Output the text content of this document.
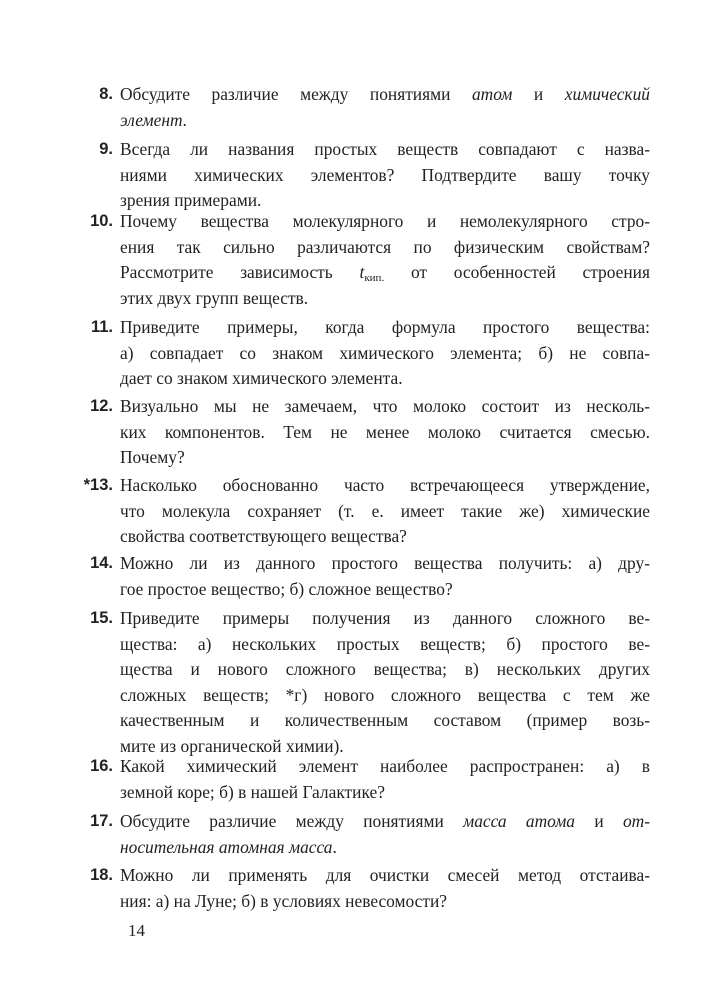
8. Обсудите различие между понятиями атом и химический
элемент.
9. Всегда ли названия простых веществ совпадают с назва-
ниями химических элементов? Подтвердите вашу точку
зрения примерами.
10. Почему вещества молекулярного и немолекулярного стро-
ения так сильно различаются по физическим свойствам?
Рассмотрите зависимость $t_{кип.}$ от особенностей строения
этих двух групп веществ.
11. Приведите примеры, когда формула простого вещества:
а) совпадает со знаком химического элемента; б) не совпа-
дает со знаком химического элемента.
12. Визуально мы не замечаем, что молоко состоит из несколь-
ких компонентов. Тем не менее молоко считается смесью.
Почему?
*13. Насколько обоснованно часто встречающееся утверждение,
что молекула сохраняет (т. е. имеет такие же) химические
свойства соответствующего вещества?
14. Можно ли из данного простого вещества получить: а) дру-
гое простое вещество; б) сложное вещество?
15. Приведите примеры получения из данного сложного ве-
щества: а) нескольких простых веществ; б) простого ве-
щества и нового сложного вещества; в) нескольких других
сложных веществ; *г) нового сложного вещества с тем же
качественным и количественным составом (пример возь-
мите из органической химии).
16. Какой химический элемент наиболее распространен: а) в
земной коре; б) в нашей Галактике?
17. Обсудите различие между понятиями масса атома и от-
носительная атомная масса.
18. Можно ли применять для очистки смесей метод отстаива-
ния: а) на Луне; б) в условиях невесомости?
14
